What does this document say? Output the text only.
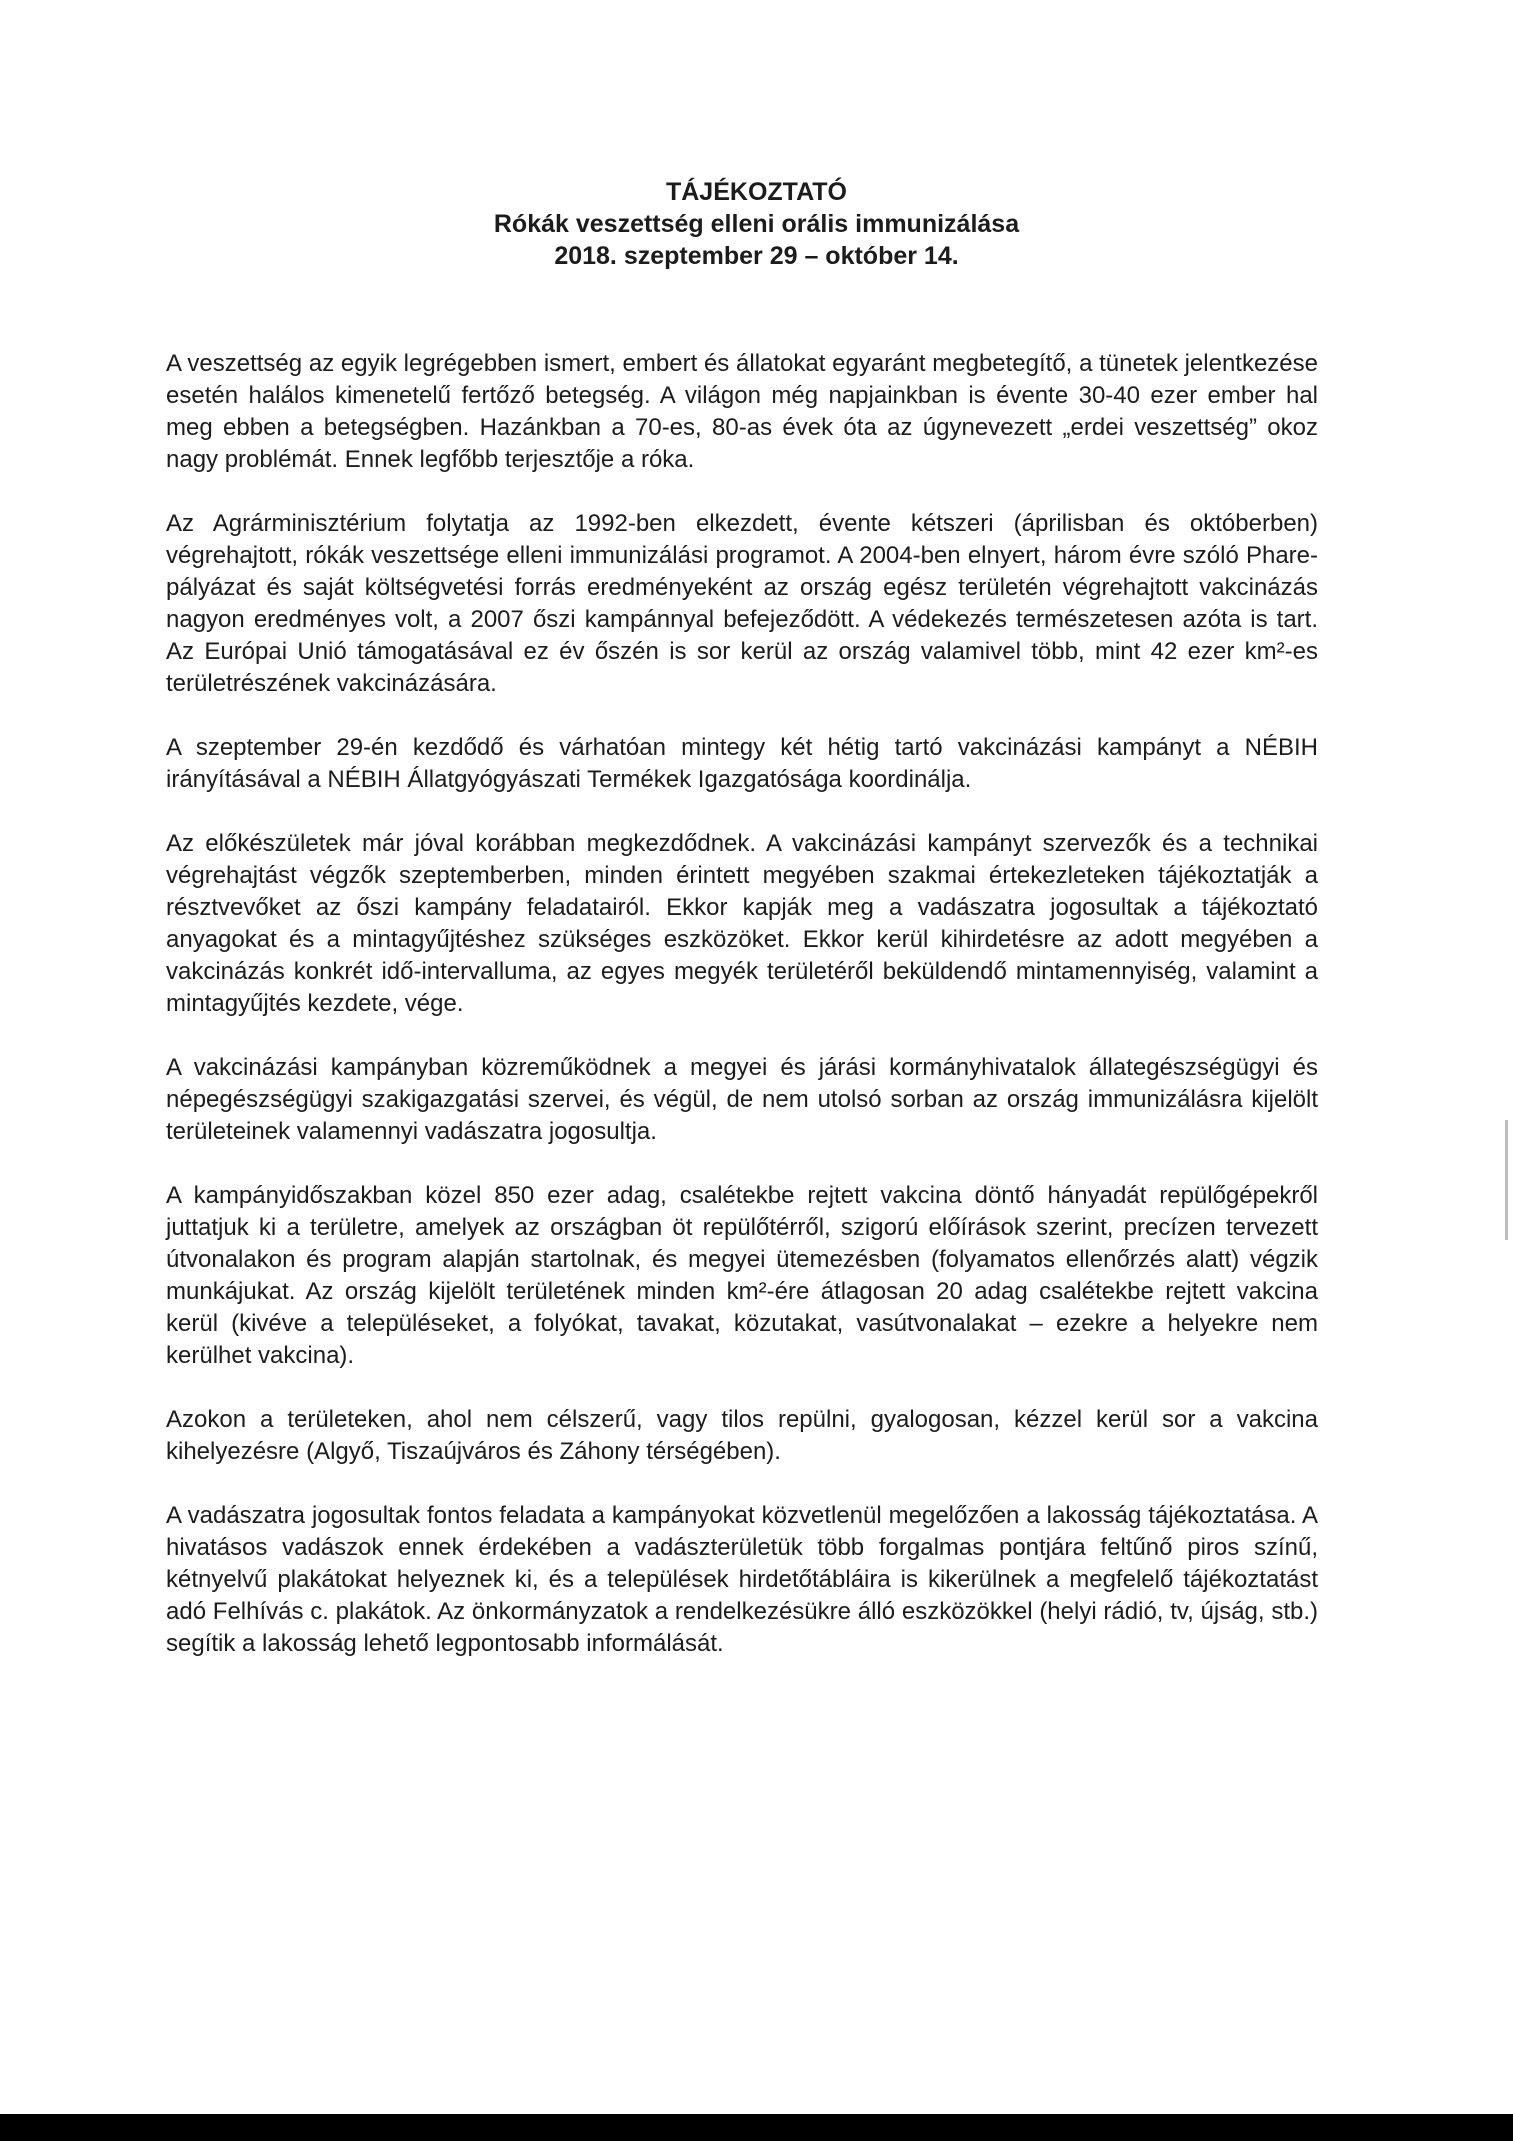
TÁJÉKOZTATÓ
Rókák veszettség elleni orális immunizálása
2018. szeptember 29 – október 14.

A veszettség az egyik legrégebben ismert, embert és állatokat egyaránt megbetegítő, a tünetek jelentkezése esetén halálos kimenetelű fertőző betegség. A világon még napjainkban is évente 30-40 ezer ember hal meg ebben a betegségben. Hazánkban a 70-es, 80-as évek óta az úgynevezett „erdei veszettség” okoz nagy problémát. Ennek legfőbb terjesztője a róka.

Az Agrárminisztérium folytatja az 1992-ben elkezdett, évente kétszeri (áprilisban és októberben) végrehajtott, rókák veszettsége elleni immunizálási programot. A 2004-ben elnyert, három évre szóló Phare-pályázat és saját költségvetési forrás eredményeként az ország egész területén végrehajtott vakcinázás nagyon eredményes volt, a 2007 őszi kampánnyal befejeződött. A védekezés természetesen azóta is tart. Az Európai Unió támogatásával ez év őszén is sor kerül az ország valamivel több, mint 42 ezer km²-es területrészének vakcinázására.

A szeptember 29-én kezdődő és várhatóan mintegy két hétig tartó vakcinázási kampányt a NÉBIH irányításával a NÉBIH Állatgyógyászati Termékek Igazgatósága koordinálja.

Az előkészületek már jóval korábban megkezdődnek. A vakcinázási kampányt szervezők és a technikai végrehajtást végzők szeptemberben, minden érintett megyében szakmai értekezleteken tájékoztatják a résztvevőket az őszi kampány feladatairól. Ekkor kapják meg a vadászatra jogosultak a tájékoztató anyagokat és a mintagyűjtéshez szükséges eszközöket. Ekkor kerül kihirdetésre az adott megyében a vakcinázás konkrét idő-intervalluma, az egyes megyék területéről beküldendő mintamennyiség, valamint a mintagyűjtés kezdete, vége.

A vakcinázási kampányban közreműködnek a megyei és járási kormányhivatalok állategészségügyi és népegészségügyi szakigazgatási szervei, és végül, de nem utolsó sorban az ország immunizálásra kijelölt területeinek valamennyi vadászatra jogosultja.

A kampányidőszakban közel 850 ezer adag, csalétekbe rejtett vakcina döntő hányadát repülőgépekről juttatjuk ki a területre, amelyek az országban öt repülőtérről, szigorú előírások szerint, precízen tervezett útvonalakon és program alapján startolnak, és megyei ütemezésben (folyamatos ellenőrzés alatt) végzik munkájukat. Az ország kijelölt területének minden km²-ére átlagosan 20 adag csalétekbe rejtett vakcina kerül (kivéve a településeket, a folyókat, tavakat, közutakat, vasútvonalakat – ezekre a helyekre nem kerülhet vakcina).

Azokon a területeken, ahol nem célszerű, vagy tilos repülni, gyalogosan, kézzel kerül sor a vakcina kihelyezésre (Algyő, Tiszaújváros és Záhony térségében).

A vadászatra jogosultak fontos feladata a kampányokat közvetlenül megelőzően a lakosság tájékoztatása. A hivatásos vadászok ennek érdekében a vadászterületük több forgalmas pontjára feltűnő piros színű, kétnyelvű plakátokat helyeznek ki, és a települések hirdetőtábláira is kikerülnek a megfelelő tájékoztatást adó Felhívás c. plakátok. Az önkormányzatok a rendelkezésükre álló eszközökkel (helyi rádió, tv, újság, stb.) segítik a lakosság lehető legpontosabb informálását.
